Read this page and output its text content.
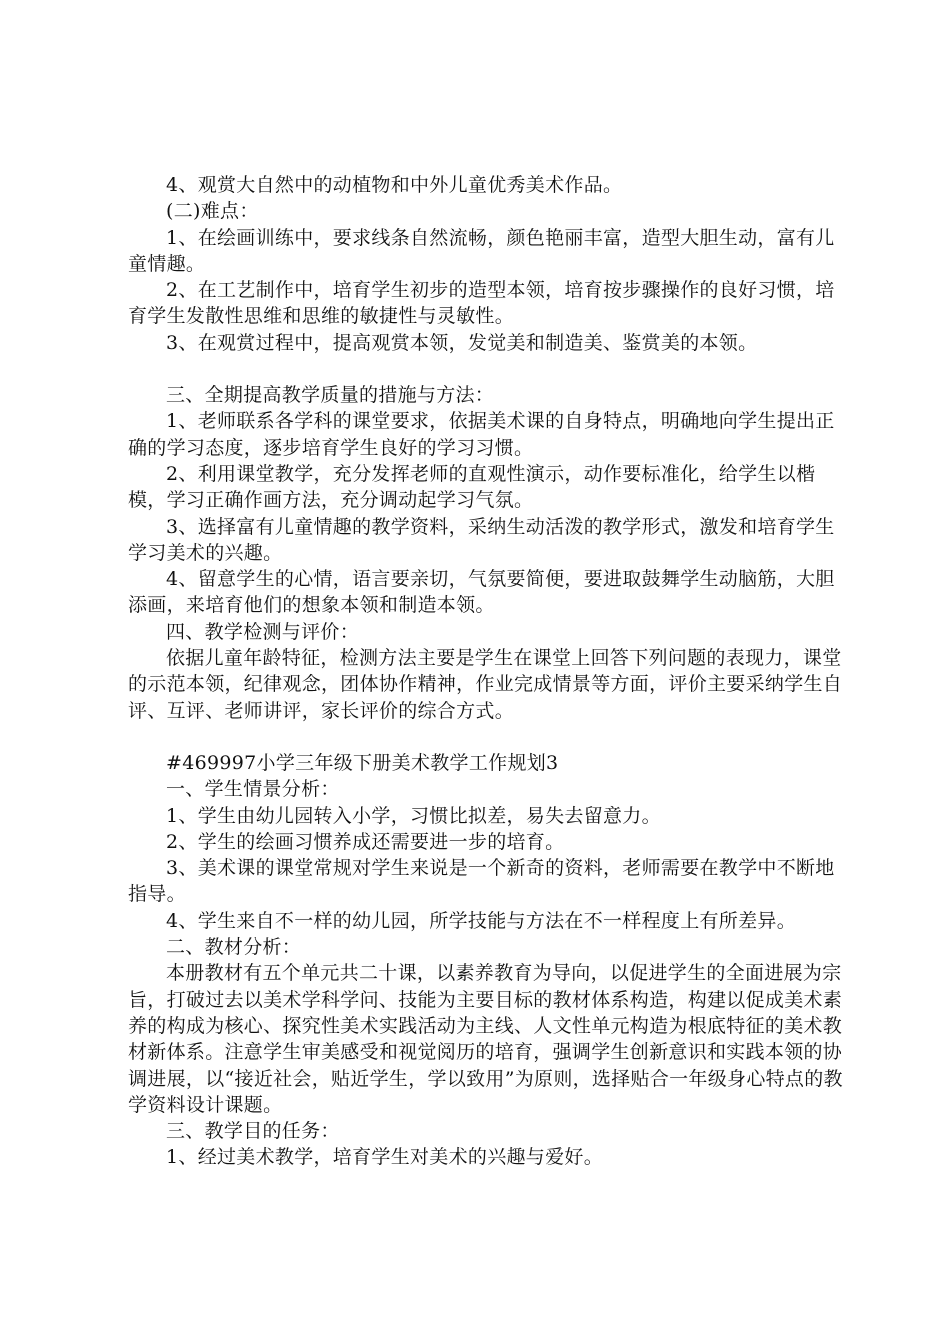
4、观赏大自然中的动植物和中外儿童优秀美术作品。

(二)难点：

1、在绘画训练中，要求线条自然流畅，颜色艳丽丰富，造型大胆生动，富有儿童情趣。

2、在工艺制作中，培育学生初步的造型本领，培育按步骤操作的良好习惯，培育学生发散性思维和思维的敏捷性与灵敏性。

3、在观赏过程中，提高观赏本领，发觉美和制造美、鉴赏美的本领。

三、全期提高教学质量的措施与方法：

1、老师联系各学科的课堂要求，依据美术课的自身特点，明确地向学生提出正确的学习态度，逐步培育学生良好的学习习惯。

2、利用课堂教学，充分发挥老师的直观性演示，动作要标准化，给学生以楷模，学习正确作画方法，充分调动起学习气氛。

3、选择富有儿童情趣的教学资料，采纳生动活泼的教学形式，激发和培育学生学习美术的兴趣。

4、留意学生的心情，语言要亲切，气氛要简便，要进取鼓舞学生动脑筋，大胆添画，来培育他们的想象本领和制造本领。

四、教学检测与评价：

依据儿童年龄特征，检测方法主要是学生在课堂上回答下列问题的表现力，课堂的示范本领，纪律观念，团体协作精神，作业完成情景等方面，评价主要采纳学生自评、互评、老师讲评，家长评价的综合方式。

#469997小学三年级下册美术教学工作规划3

一、学生情景分析：

1、学生由幼儿园转入小学，习惯比拟差，易失去留意力。

2、学生的绘画习惯养成还需要进一步的培育。

3、美术课的课堂常规对学生来说是一个新奇的资料，老师需要在教学中不断地指导。

4、学生来自不一样的幼儿园，所学技能与方法在不一样程度上有所差异。

二、教材分析：

本册教材有五个单元共二十课，以素养教育为导向，以促进学生的全面进展为宗旨，打破过去以美术学科学问、技能为主要目标的教材体系构造，构建以促成美术素养的构成为核心、探究性美术实践活动为主线、人文性单元构造为根底特征的美术教材新体系。注意学生审美感受和视觉阅历的培育，强调学生创新意识和实践本领的协调进展，以“接近社会，贴近学生，学以致用”为原则，选择贴合一年级身心特点的教学资料设计课题。

三、教学目的任务：

1、经过美术教学，培育学生对美术的兴趣与爱好。
